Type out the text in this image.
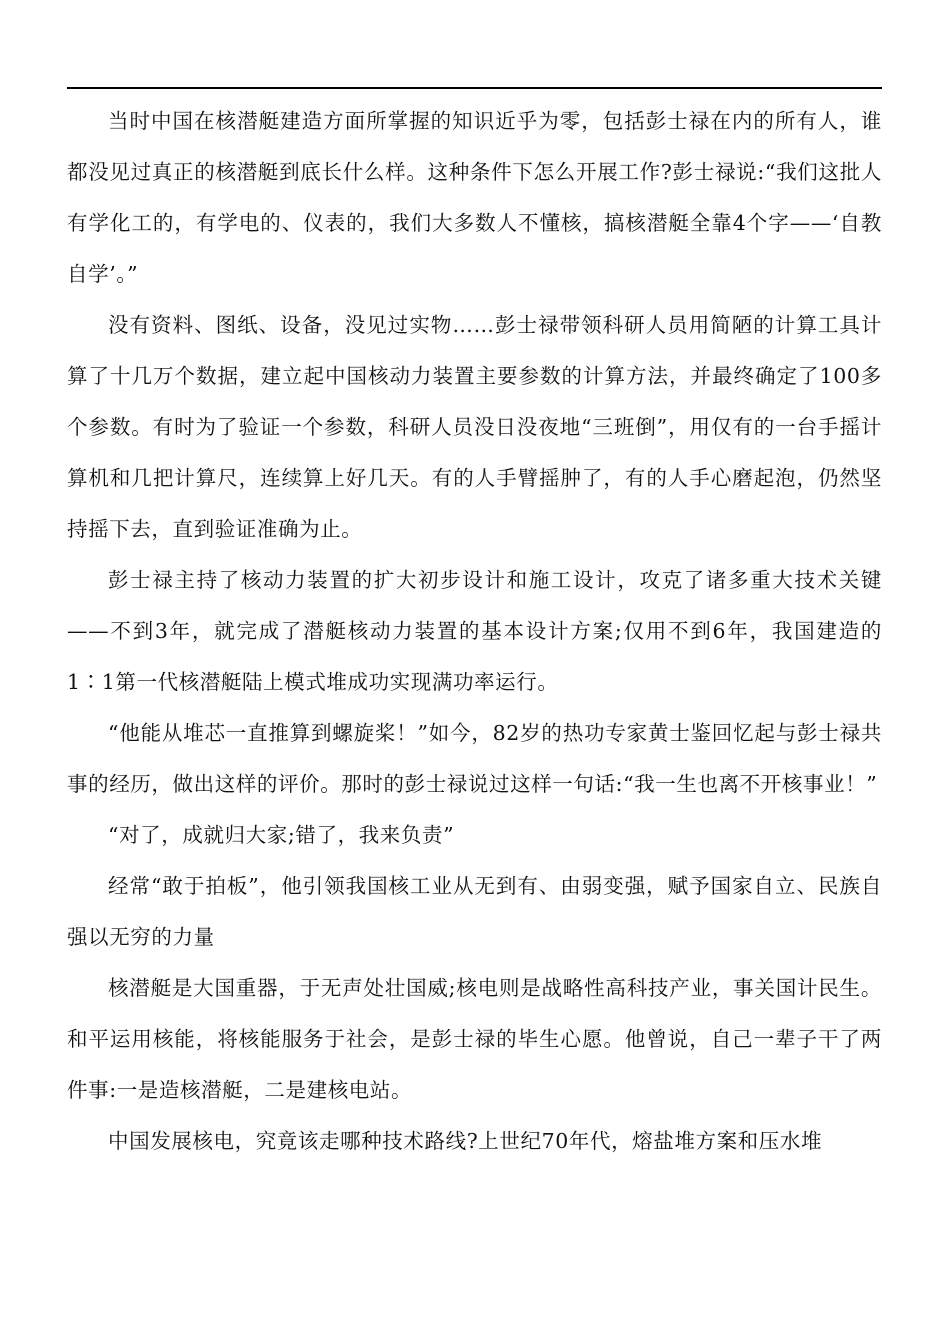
当时中国在核潜艇建造方面所掌握的知识近乎为零，包括彭士禄在内的所有人，谁都没见过真正的核潜艇到底长什么样。这种条件下怎么开展工作?彭士禄说:“我们这批人有学化工的，有学电的、仪表的，我们大多数人不懂核，搞核潜艇全靠4个字——‘自教自学’。”

没有资料、图纸、设备，没见过实物……彭士禄带领科研人员用简陋的计算工具计算了十几万个数据，建立起中国核动力装置主要参数的计算方法，并最终确定了100多个参数。有时为了验证一个参数，科研人员没日没夜地“三班倒”，用仅有的一台手摇计算机和几把计算尺，连续算上好几天。有的人手臂摇肿了，有的人手心磨起泡，仍然坚持摇下去，直到验证准确为止。

彭士禄主持了核动力装置的扩大初步设计和施工设计，攻克了诸多重大技术关键——不到3年，就完成了潜艇核动力装置的基本设计方案;仅用不到6年，我国建造的1∶1第一代核潜艇陆上模式堆成功实现满功率运行。

“他能从堆芯一直推算到螺旋桨！”如今，82岁的热功专家黄士鉴回忆起与彭士禄共事的经历，做出这样的评价。那时的彭士禄说过这样一句话:“我一生也离不开核事业！”

“对了，成就归大家;错了，我来负责”

经常“敢于拍板”，他引领我国核工业从无到有、由弱变强，赋予国家自立、民族自强以无穷的力量

核潜艇是大国重器，于无声处壮国威;核电则是战略性高科技产业，事关国计民生。和平运用核能，将核能服务于社会，是彭士禄的毕生心愿。他曾说，自己一辈子干了两件事:一是造核潜艇，二是建核电站。

中国发展核电，究竟该走哪种技术路线?上世纪70年代，熔盐堆方案和压水堆
